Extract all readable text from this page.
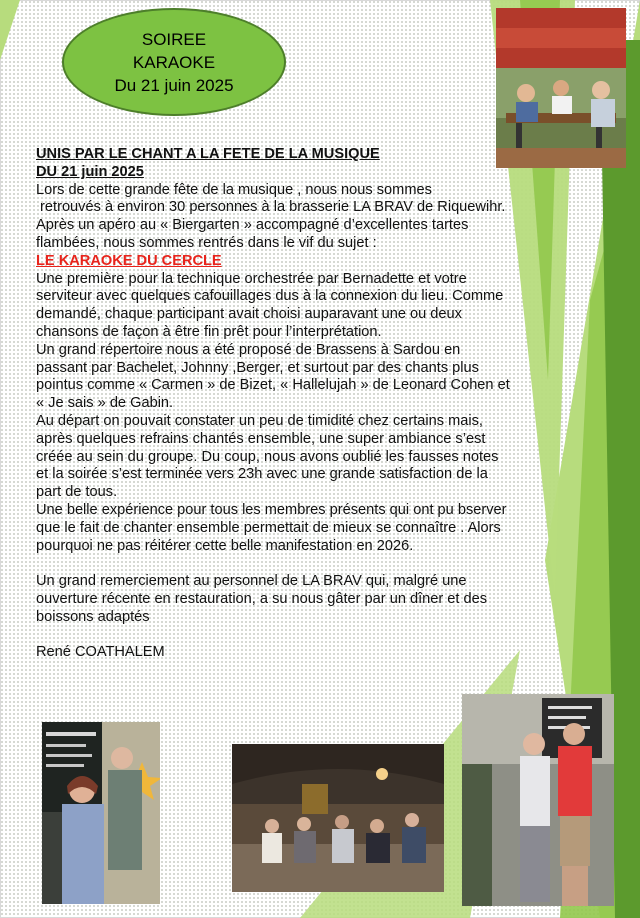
SOIREE
KARAOKE
Du 21 juin 2025

UNIS PAR LE CHANT A LA FETE DE LA MUSIQUE

DU 21 juin 2025

Lors de cette grande fête de la musique , nous nous sommes

retrouvés à environ 30 personnes à la brasserie LA BRAV de Riquewihr.

Après un apéro au « Biergarten » accompagné d’excellentes tartes

flambées, nous sommes rentrés dans le vif du sujet :

LE KARAOKE DU CERCLE

Une première pour la technique orchestrée par Bernadette et votre

serviteur avec quelques cafouillages dus à la connexion du lieu. Comme

demandé, chaque participant avait choisi auparavant une ou deux

chansons de façon à être fin prêt pour l’interprétation.

Un grand répertoire nous a été proposé de Brassens à Sardou en

passant par Bachelet, Johnny ,Berger, et surtout par des chants plus

pointus comme « Carmen » de Bizet, « Hallelujah » de Leonard Cohen et

« Je sais » de Gabin.

Au départ on pouvait constater un peu de timidité chez certains mais,

après quelques refrains chantés ensemble, une super ambiance s’est

créée au sein du groupe. Du coup, nous avons oublié les fausses notes

et la soirée s’est terminée vers 23h avec une grande satisfaction de la

part de tous.

Une belle expérience pour tous les membres présents qui ont pu bserver

que le fait de chanter ensemble permettait de mieux se connaître . Alors

pourquoi ne pas réitérer cette belle manifestation en 2026.

Un grand remerciement au personnel de LA BRAV qui, malgré une

ouverture récente en restauration, a su nous gâter par un dîner et des

boissons adaptés

René COATHALEM
